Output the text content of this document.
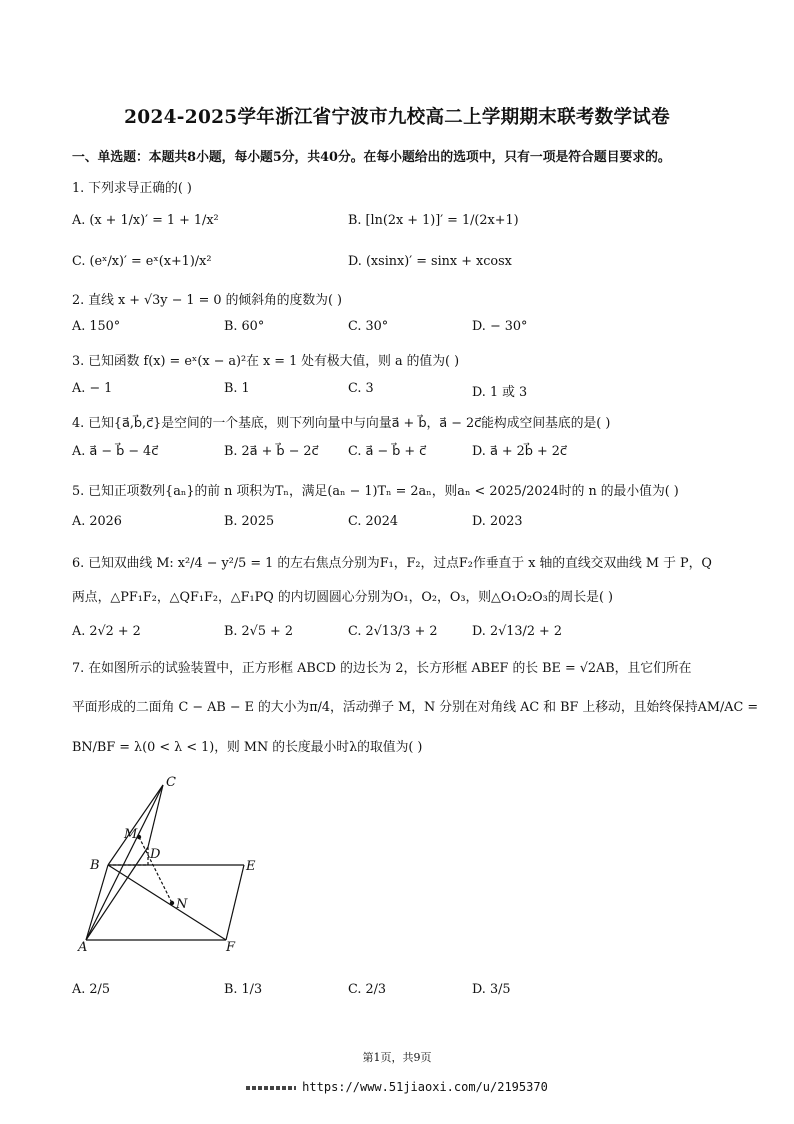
2024-2025学年浙江省宁波市九校高二上学期期末联考数学试卷
一、单选题：本题共8小题，每小题5分，共40分。在每小题给出的选项中，只有一项是符合题目要求的。
1. 下列求导正确的( )
A. (x + 1/x)′ = 1 + 1/x²	B. [ln(2x + 1)]′ = 1/(2x+1)
C. (eˣ/x)′ = eˣ(x+1)/x²	D. (xsinx)′ = sinx + xcosx
2. 直线 x + √3y − 1 = 0 的倾斜角的度数为( )
A. 150°	B. 60°	C. 30°	D. − 30°
3. 已知函数 f(x) = eˣ(x − a)²在 x = 1 处有极大值，则 a 的值为( )
A. − 1	B. 1	C. 3	D. 1 或 3
4. 已知{a⃗,b⃗,c⃗}是空间的一个基底，则下列向量中与向量a⃗ + b⃗，a⃗ − 2c⃗能构成空间基底的是( )
A. a⃗ − b⃗ − 4c⃗	B. 2a⃗ + b⃗ − 2c⃗ C. a⃗ − b⃗ + c⃗	D. a⃗ + 2b⃗ + 2c⃗
5. 已知正项数列{aₙ}的前 n 项积为Tₙ，满足(aₙ − 1)Tₙ = 2aₙ，则aₙ < 2025/2024时的 n 的最小值为( )
A. 2026	B. 2025	C. 2024	D. 2023
6. 已知双曲线 M: x²/4 − y²/5 = 1 的左右焦点分别为F₁，F₂，过点F₂作垂直于 x 轴的直线交双曲线 M 于 P，Q
两点，△PF₁F₂，△QF₁F₂，△F₁PQ 的内切圆圆心分别为O₁，O₂，O₃，则△O₁O₂O₃的周长是( )
A. 2√2 + 2	B. 2√5 + 2	C. 2√13/3 + 2	D. 2√13/2 + 2
7. 在如图所示的试验装置中，正方形框 ABCD 的边长为 2，长方形框 ABEF 的长 BE = √2AB，且它们所在
平面形成的二面角 C − AB − E 的大小为π/4，活动弹子 M，N 分别在对角线 AC 和 BF 上移动，且始终保持AM/AC =
BN/BF = λ(0 < λ < 1)，则 MN 的长度最小时λ的取值为( )
C
M
D
B	E
N
A	F
A. 2/5	B. 1/3	C. 2/3	D. 3/5
第1页，共9页
https://www.51jiaoxi.com/u/2195370
